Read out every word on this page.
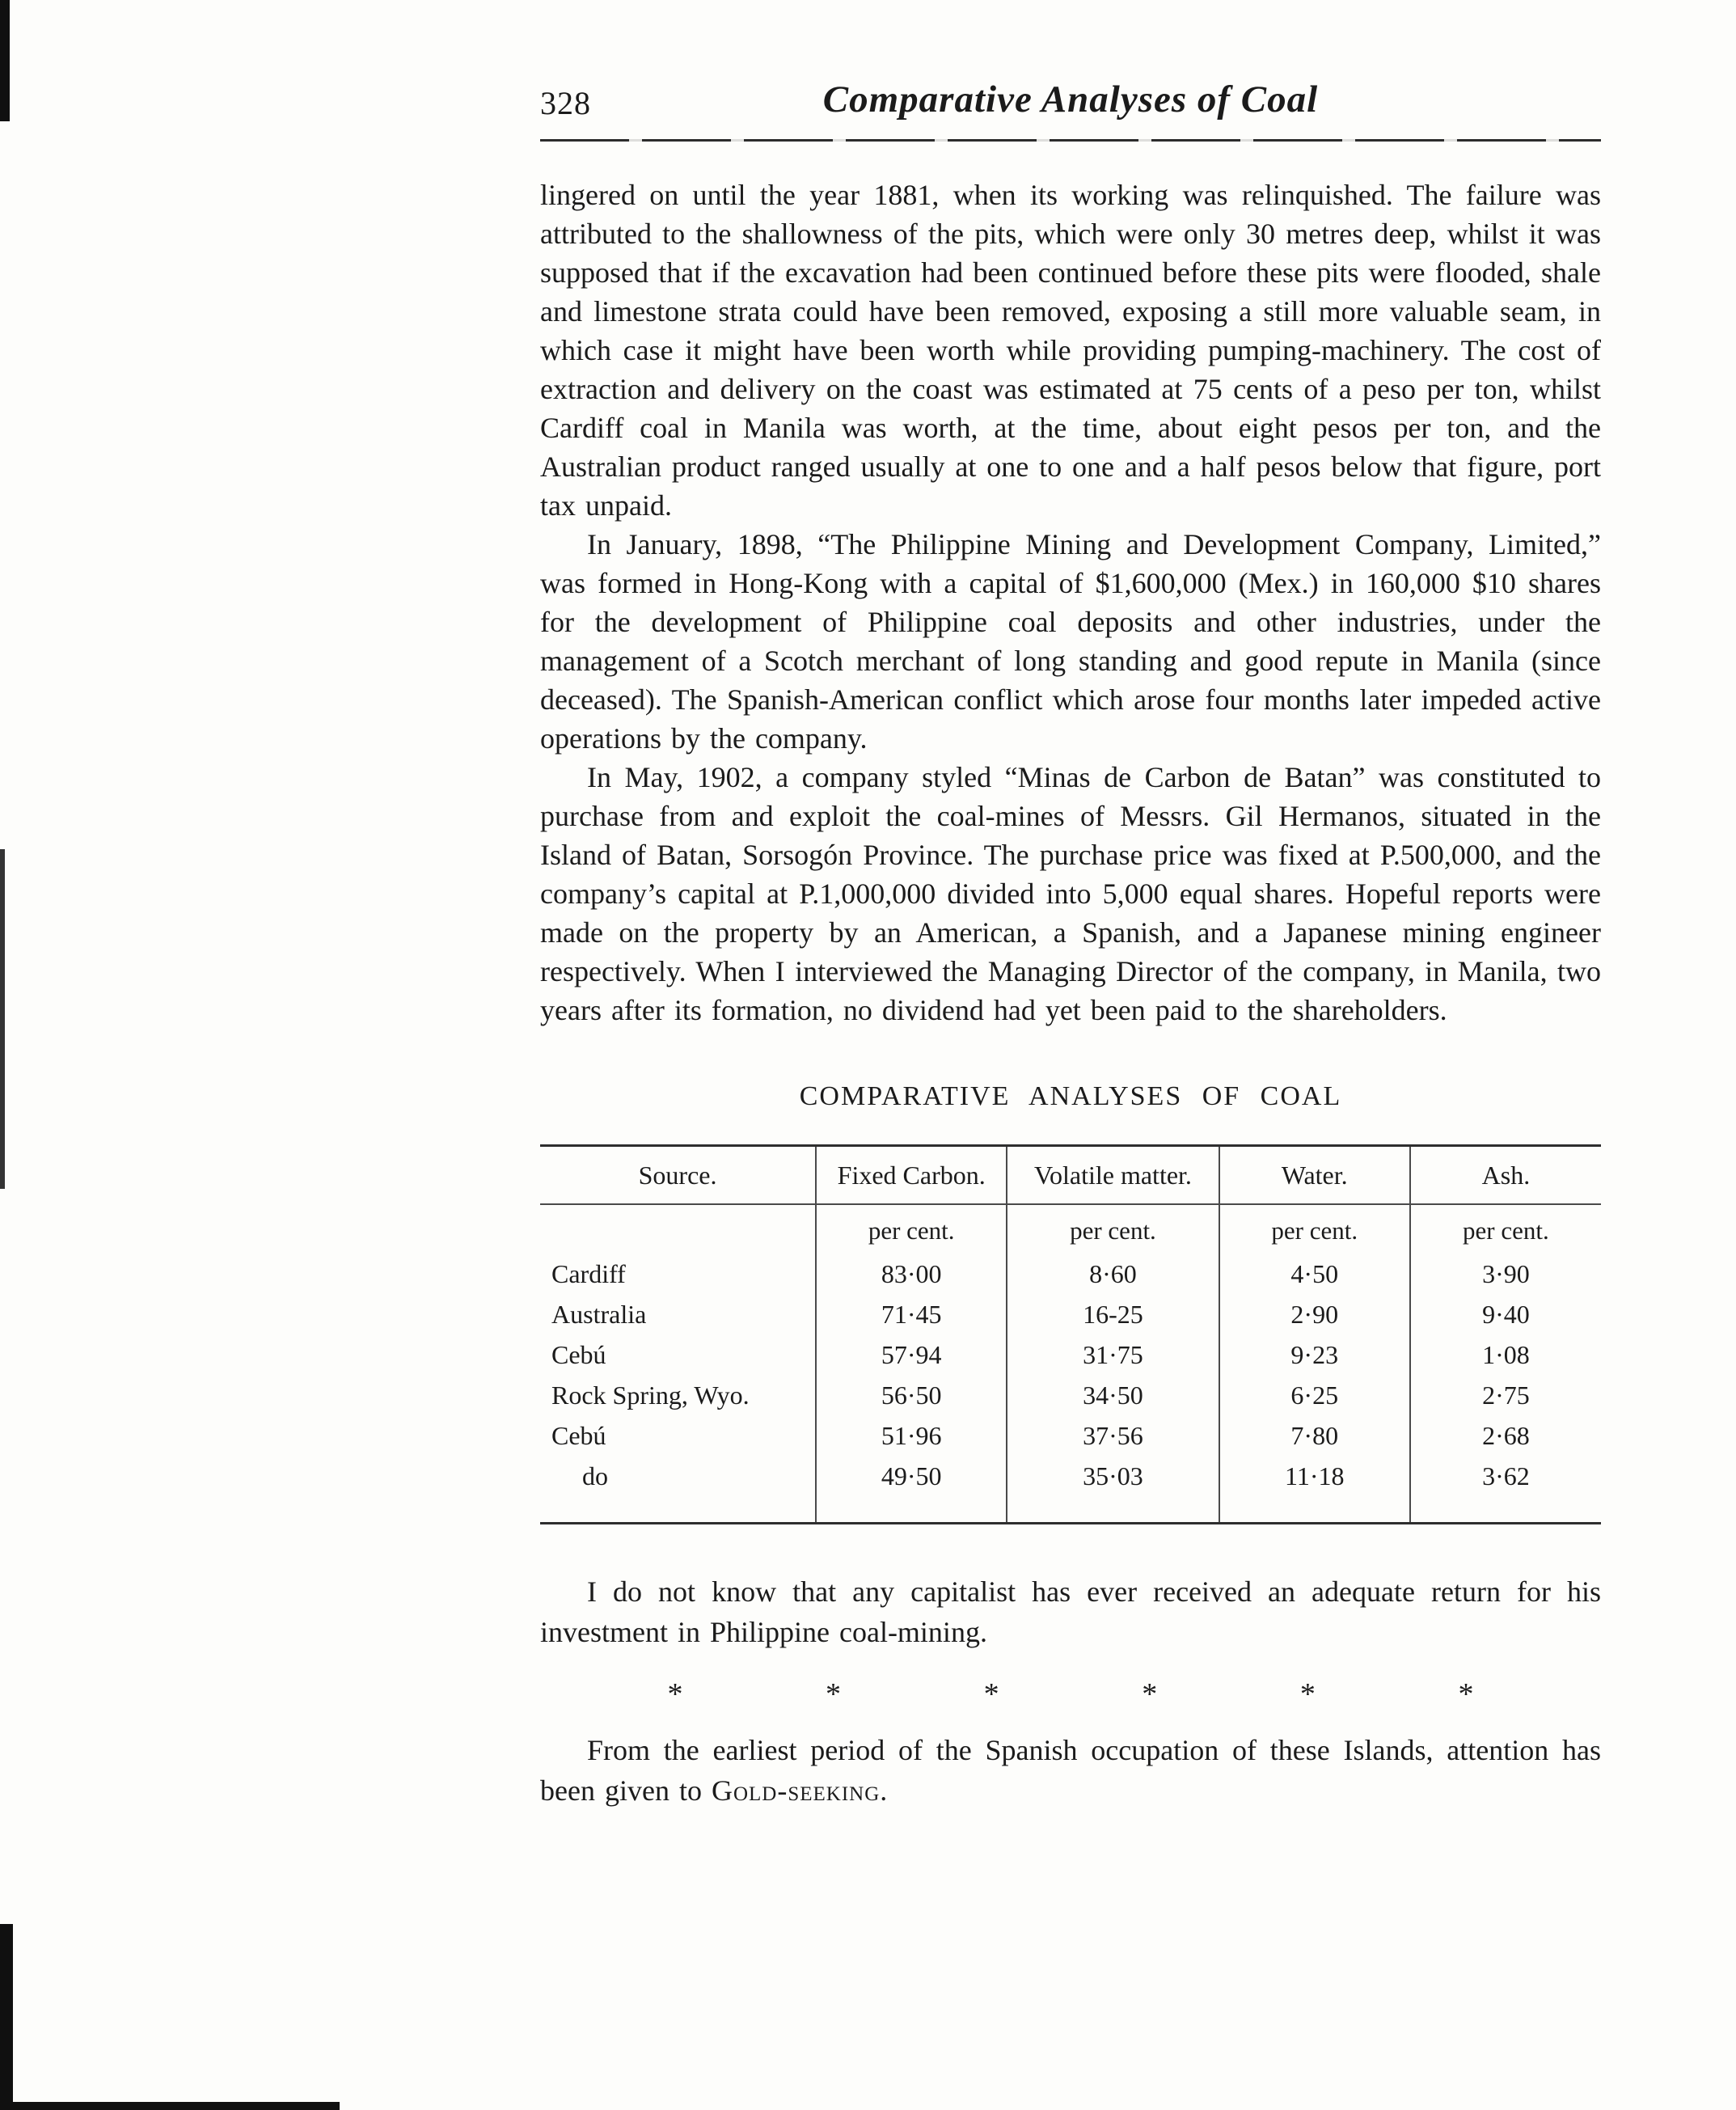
328	Comparative Analyses of Coal

lingered on until the year 1881, when its working was relinquished. The failure was attributed to the shallowness of the pits, which were only 30 metres deep, whilst it was supposed that if the excavation had been continued before these pits were flooded, shale and limestone strata could have been removed, exposing a still more valuable seam, in which case it might have been worth while providing pumping-machinery. The cost of extraction and delivery on the coast was estimated at 75 cents of a peso per ton, whilst Cardiff coal in Manila was worth, at the time, about eight pesos per ton, and the Australian product ranged usually at one to one and a half pesos below that figure, port tax unpaid.

In January, 1898, “The Philippine Mining and Development Company, Limited,” was formed in Hong-Kong with a capital of $1,600,000 (Mex.) in 160,000 $10 shares for the development of Philippine coal deposits and other industries, under the management of a Scotch merchant of long standing and good repute in Manila (since deceased). The Spanish-American conflict which arose four months later impeded active operations by the company.

In May, 1902, a company styled “Minas de Carbon de Batan” was constituted to purchase from and exploit the coal-mines of Messrs. Gil Hermanos, situated in the Island of Batan, Sorsogón Province. The purchase price was fixed at P.500,000, and the company’s capital at P.1,000,000 divided into 5,000 equal shares. Hopeful reports were made on the property by an American, a Spanish, and a Japanese mining engineer respectively. When I interviewed the Managing Director of the company, in Manila, two years after its formation, no dividend had yet been paid to the shareholders.

COMPARATIVE ANALYSES OF COAL

Source.	Fixed Carbon.	Volatile matter.	Water.	Ash.
	per cent.	per cent.	per cent.	per cent.
Cardiff	83·00	8·60	4·50	3·90
Australia	71·45	16-25	2·90	9·40
Cebú	57·94	31·75	9·23	1·08
Rock Spring, Wyo.	56·50	34·50	6·25	2·75
Cebú	51·96	37·56	7·80	2·68
do	49·50	35·03	11·18	3·62

I do not know that any capitalist has ever received an adequate return for his investment in Philippine coal-mining.

*	*	*	*	*	*

From the earliest period of the Spanish occupation of these Islands, attention has been given to Gold-seeking.
